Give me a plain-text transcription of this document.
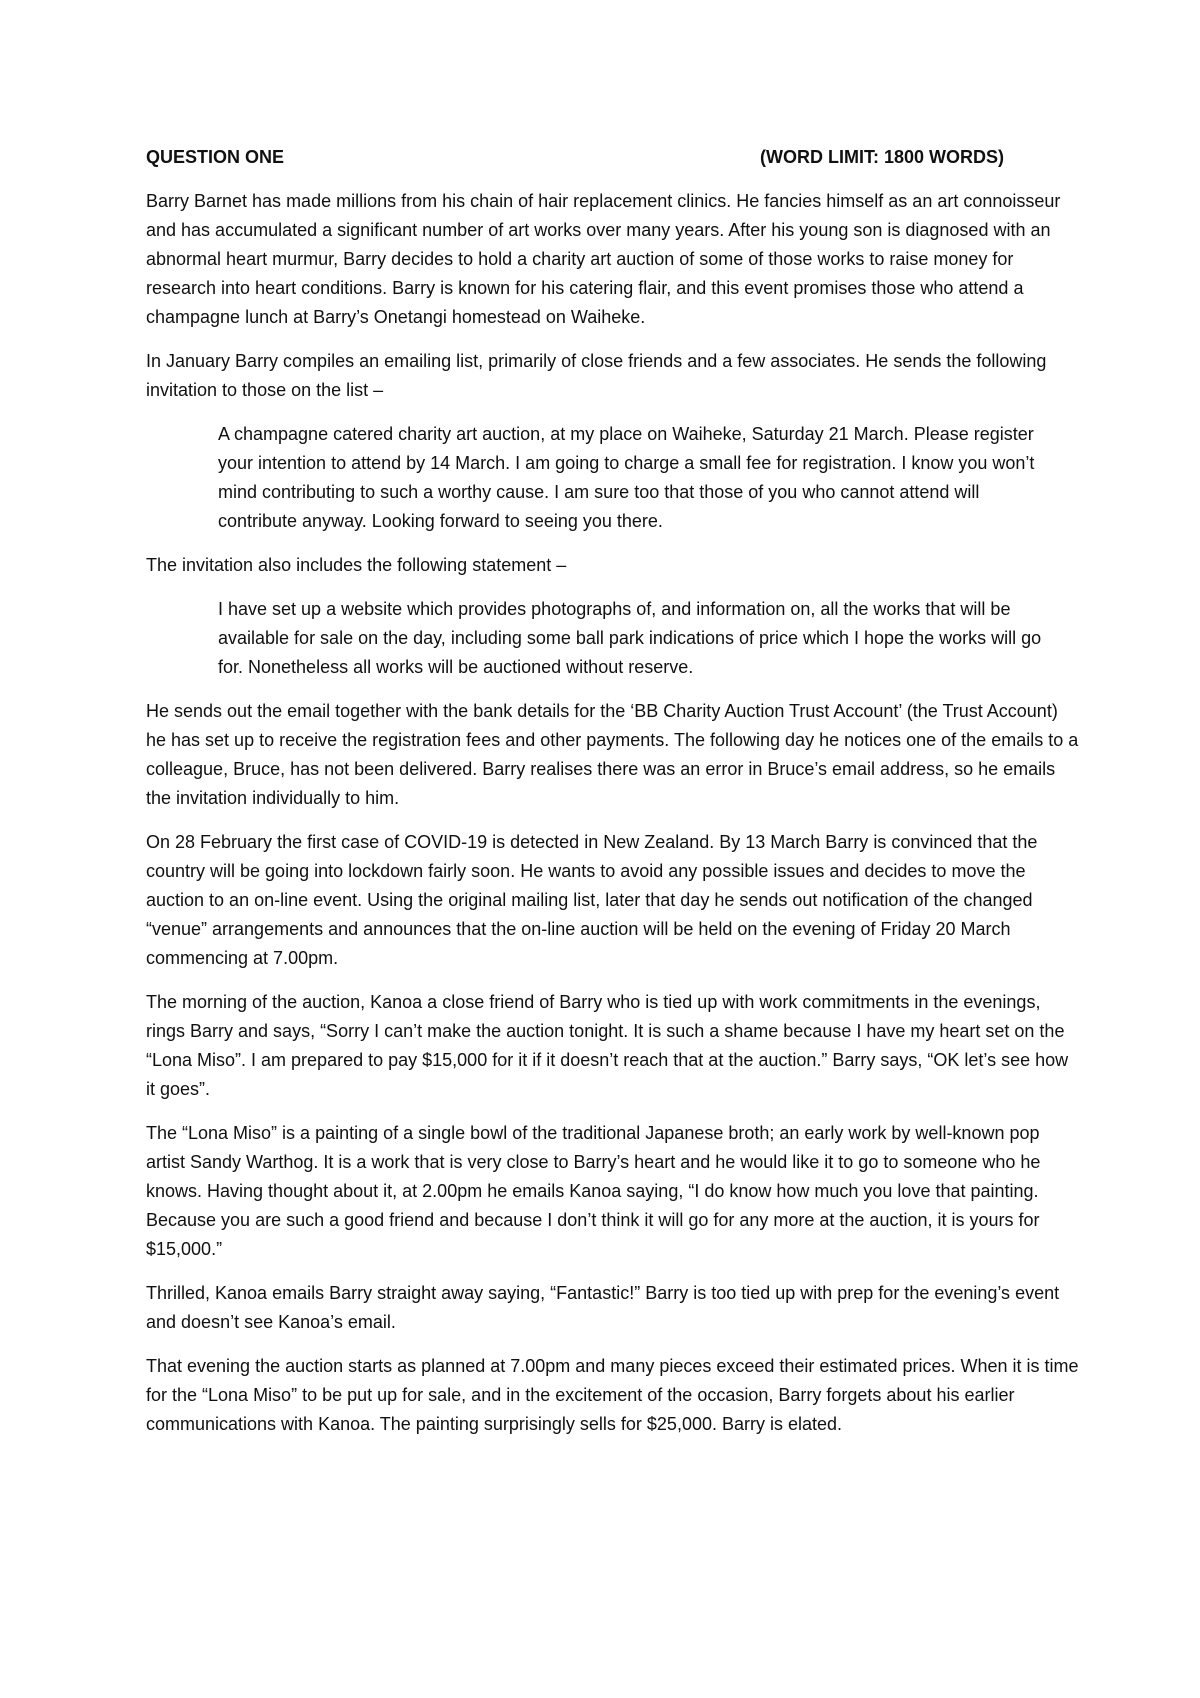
QUESTION ONE	(WORD LIMIT: 1800 WORDS)

Barry Barnet has made millions from his chain of hair replacement clinics. He fancies himself as an art connoisseur and has accumulated a significant number of art works over many years. After his young son is diagnosed with an abnormal heart murmur, Barry decides to hold a charity art auction of some of those works to raise money for research into heart conditions. Barry is known for his catering flair, and this event promises those who attend a champagne lunch at Barry’s Onetangi homestead on Waiheke.

In January Barry compiles an emailing list, primarily of close friends and a few associates. He sends the following invitation to those on the list –

A champagne catered charity art auction, at my place on Waiheke, Saturday 21 March. Please register your intention to attend by 14 March. I am going to charge a small fee for registration. I know you won’t mind contributing to such a worthy cause. I am sure too that those of you who cannot attend will contribute anyway. Looking forward to seeing you there.

The invitation also includes the following statement –

I have set up a website which provides photographs of, and information on, all the works that will be available for sale on the day, including some ball park indications of price which I hope the works will go for. Nonetheless all works will be auctioned without reserve.

He sends out the email together with the bank details for the ‘BB Charity Auction Trust Account’ (the Trust Account) he has set up to receive the registration fees and other payments. The following day he notices one of the emails to a colleague, Bruce, has not been delivered. Barry realises there was an error in Bruce’s email address, so he emails the invitation individually to him.

On 28 February the first case of COVID-19 is detected in New Zealand. By 13 March Barry is convinced that the country will be going into lockdown fairly soon. He wants to avoid any possible issues and decides to move the auction to an on-line event. Using the original mailing list, later that day he sends out notification of the changed “venue” arrangements and announces that the on-line auction will be held on the evening of Friday 20 March commencing at 7.00pm.

The morning of the auction, Kanoa a close friend of Barry who is tied up with work commitments in the evenings, rings Barry and says, “Sorry I can’t make the auction tonight. It is such a shame because I have my heart set on the “Lona Miso”. I am prepared to pay $15,000 for it if it doesn’t reach that at the auction.” Barry says, “OK let’s see how it goes”.

The “Lona Miso” is a painting of a single bowl of the traditional Japanese broth; an early work by well-known pop artist Sandy Warthog. It is a work that is very close to Barry’s heart and he would like it to go to someone who he knows. Having thought about it, at 2.00pm he emails Kanoa saying, “I do know how much you love that painting. Because you are such a good friend and because I don’t think it will go for any more at the auction, it is yours for $15,000.”

Thrilled, Kanoa emails Barry straight away saying, “Fantastic!” Barry is too tied up with prep for the evening’s event and doesn’t see Kanoa’s email.

That evening the auction starts as planned at 7.00pm and many pieces exceed their estimated prices. When it is time for the “Lona Miso” to be put up for sale, and in the excitement of the occasion, Barry forgets about his earlier communications with Kanoa. The painting surprisingly sells for $25,000. Barry is elated.
